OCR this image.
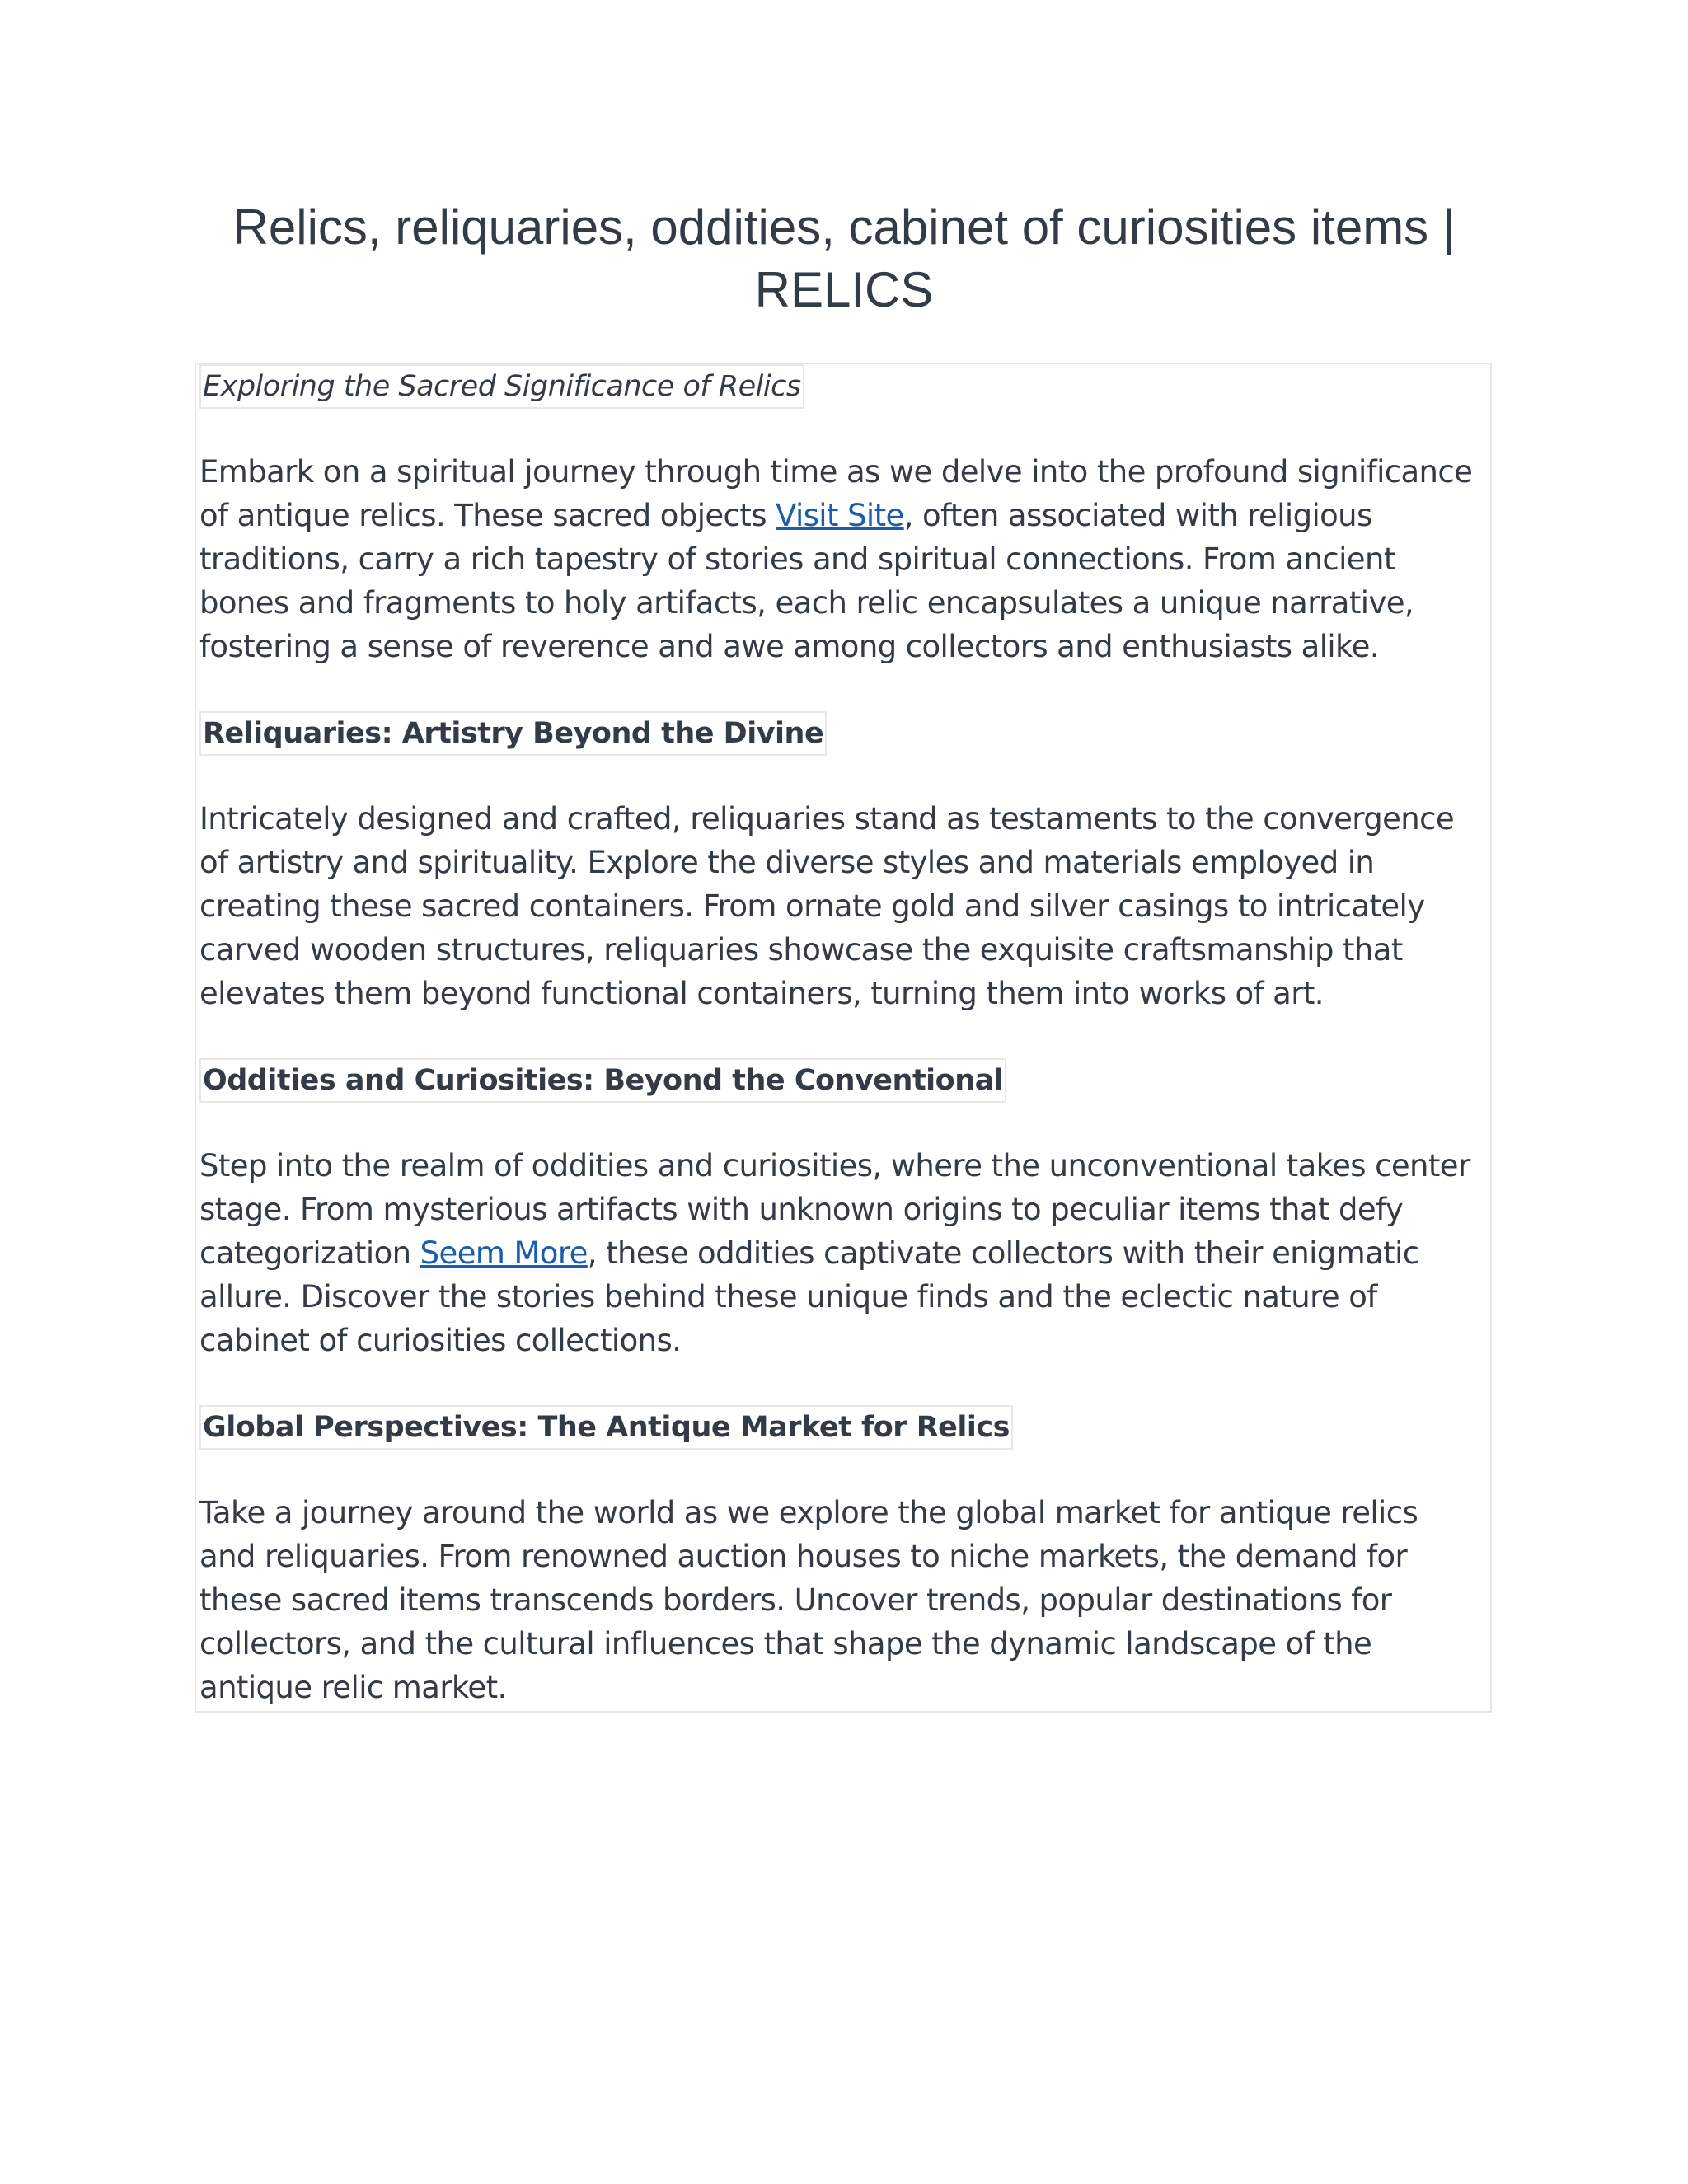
Relics, reliquaries, oddities, cabinet of curiosities items | RELICS
Exploring the Sacred Significance of Relics

Embark on a spiritual journey through time as we delve into the profound significance of antique relics. These sacred objects Visit Site, often associated with religious traditions, carry a rich tapestry of stories and spiritual connections. From ancient bones and fragments to holy artifacts, each relic encapsulates a unique narrative, fostering a sense of reverence and awe among collectors and enthusiasts alike.

Reliquaries: Artistry Beyond the Divine

Intricately designed and crafted, reliquaries stand as testaments to the convergence of artistry and spirituality. Explore the diverse styles and materials employed in creating these sacred containers. From ornate gold and silver casings to intricately carved wooden structures, reliquaries showcase the exquisite craftsmanship that elevates them beyond functional containers, turning them into works of art.

Oddities and Curiosities: Beyond the Conventional

Step into the realm of oddities and curiosities, where the unconventional takes center stage. From mysterious artifacts with unknown origins to peculiar items that defy categorization Seem More, these oddities captivate collectors with their enigmatic allure. Discover the stories behind these unique finds and the eclectic nature of cabinet of curiosities collections.

Global Perspectives: The Antique Market for Relics

Take a journey around the world as we explore the global market for antique relics and reliquaries. From renowned auction houses to niche markets, the demand for these sacred items transcends borders. Uncover trends, popular destinations for collectors, and the cultural influences that shape the dynamic landscape of the antique relic market.
